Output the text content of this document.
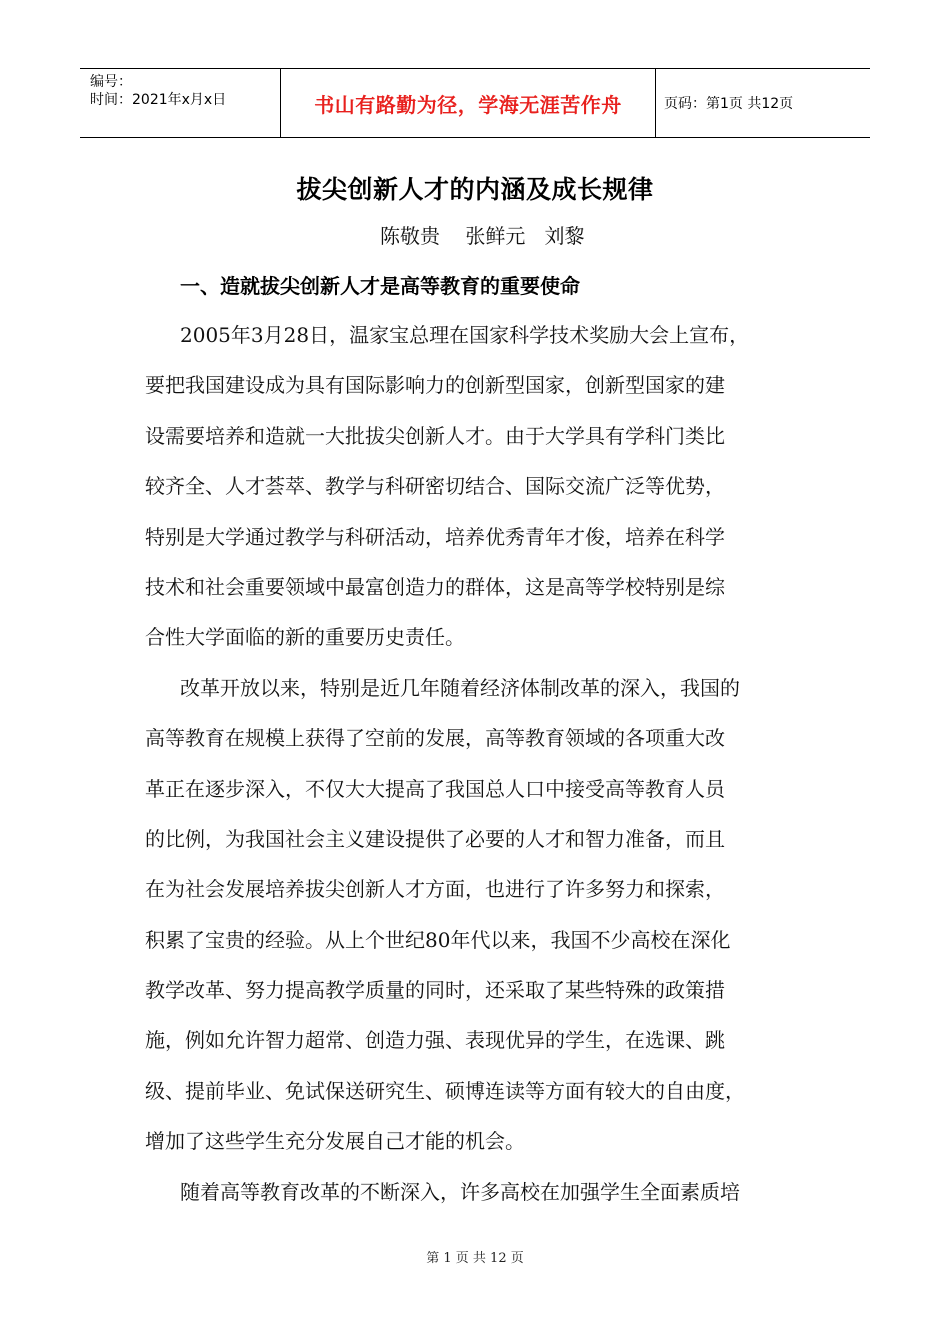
编号：
时间：2021年x月x日	书山有路勤为径，学海无涯苦作舟	页码：第1页 共12页
拔尖创新人才的内涵及成长规律
陈敬贵    张鲜元   刘黎
一、造就拔尖创新人才是高等教育的重要使命
2005年3月28日，温家宝总理在国家科学技术奖励大会上宣布，
要把我国建设成为具有国际影响力的创新型国家，创新型国家的建
设需要培养和造就一大批拔尖创新人才。由于大学具有学科门类比
较齐全、人才荟萃、教学与科研密切结合、国际交流广泛等优势，
特别是大学通过教学与科研活动，培养优秀青年才俊，培养在科学
技术和社会重要领域中最富创造力的群体，这是高等学校特别是综
合性大学面临的新的重要历史责任。
改革开放以来，特别是近几年随着经济体制改革的深入，我国的
高等教育在规模上获得了空前的发展，高等教育领域的各项重大改
革正在逐步深入，不仅大大提高了我国总人口中接受高等教育人员
的比例，为我国社会主义建设提供了必要的人才和智力准备，而且
在为社会发展培养拔尖创新人才方面，也进行了许多努力和探索，
积累了宝贵的经验。从上个世纪80年代以来，我国不少高校在深化
教学改革、努力提高教学质量的同时，还采取了某些特殊的政策措
施，例如允许智力超常、创造力强、表现优异的学生，在选课、跳
级、提前毕业、免试保送研究生、硕博连读等方面有较大的自由度，
增加了这些学生充分发展自己才能的机会。
随着高等教育改革的不断深入，许多高校在加强学生全面素质培
第 1 页 共 12 页
